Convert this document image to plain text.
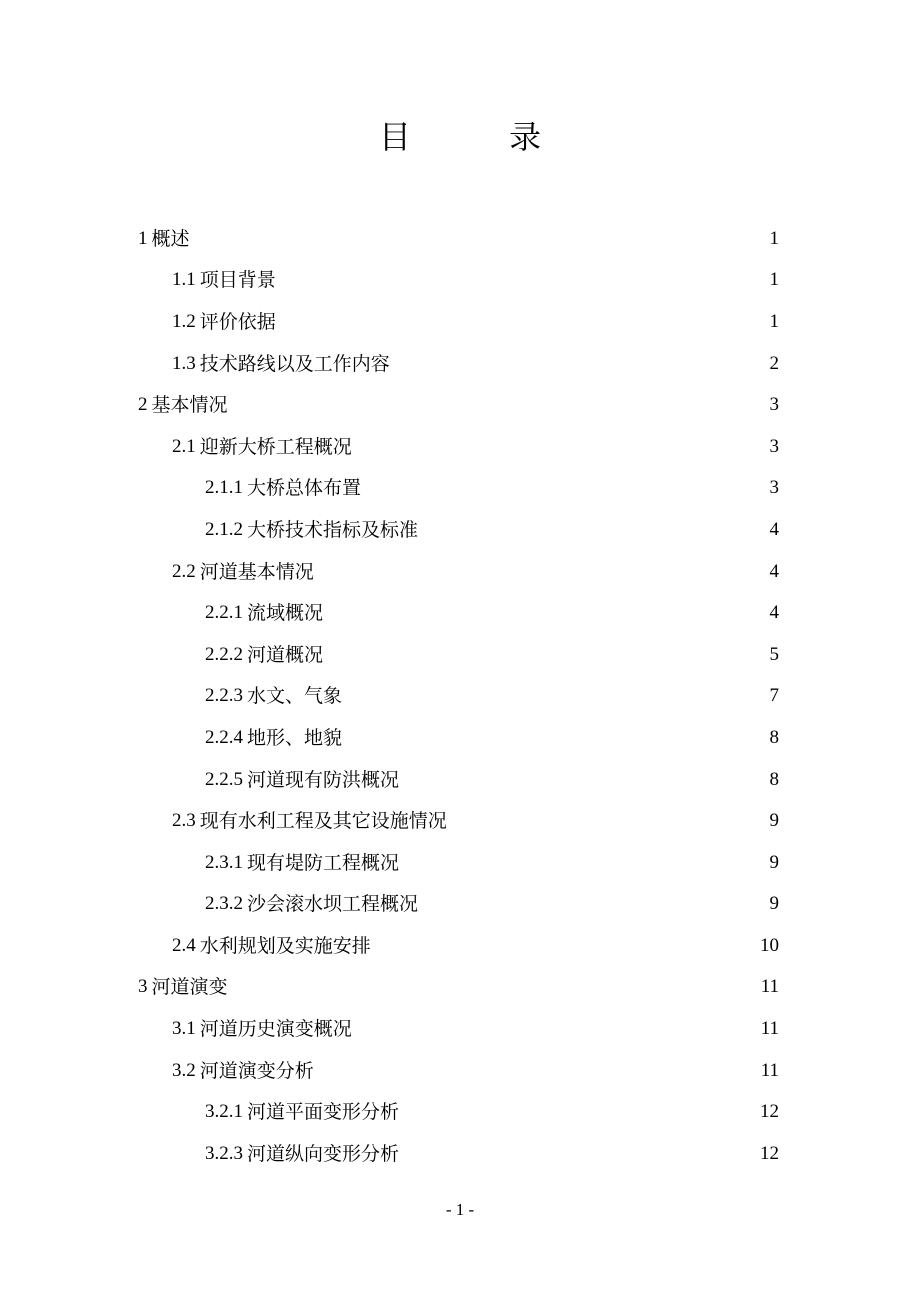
目 录
1 概述	1
1.1 项目背景	1
1.2 评价依据	1
1.3 技术路线以及工作内容	2
2 基本情况	3
2.1 迎新大桥工程概况	3
2.1.1 大桥总体布置	3
2.1.2 大桥技术指标及标准	4
2.2 河道基本情况	4
2.2.1 流域概况	4
2.2.2 河道概况	5
2.2.3 水文、气象	7
2.2.4 地形、地貌	8
2.2.5 河道现有防洪概况	8
2.3 现有水利工程及其它设施情况	9
2.3.1 现有堤防工程概况	9
2.3.2 沙会滚水坝工程概况	9
2.4 水利规划及实施安排	10
3 河道演变	11
3.1 河道历史演变概况	11
3.2 河道演变分析	11
3.2.1 河道平面变形分析	12
3.2.3 河道纵向变形分析	12
- 1 -
